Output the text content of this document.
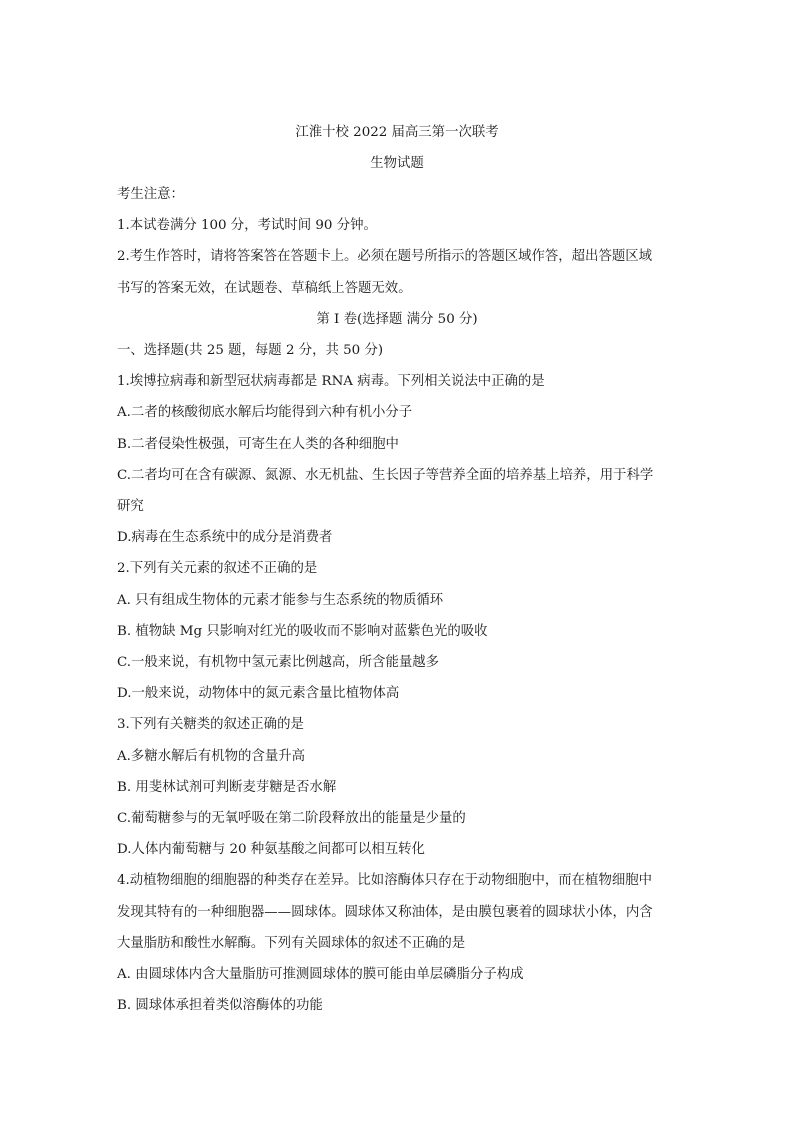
江淮十校 2022 届高三第一次联考
生物试题
考生注意：
1.本试卷满分 100 分，考试时间 90 分钟。
2.考生作答时，请将答案答在答题卡上。必须在题号所指示的答题区域作答，超出答题区域
书写的答案无效，在试题卷、草稿纸上答题无效。
第 I 卷(选择题 满分 50 分)
一、选择题(共 25 题，每题 2 分，共 50 分)
1.埃博拉病毒和新型冠状病毒都是 RNA 病毒。下列相关说法中正确的是
A.二者的核酸彻底水解后均能得到六种有机小分子
B.二者侵染性极强，可寄生在人类的各种细胞中
C.二者均可在含有碳源、氮源、水无机盐、生长因子等营养全面的培养基上培养，用于科学
研究
D.病毒在生态系统中的成分是消费者
2.下列有关元素的叙述不正确的是
A. 只有组成生物体的元素才能参与生态系统的物质循环
B. 植物缺 Mg 只影响对红光的吸收而不影响对蓝紫色光的吸收
C.一般来说，有机物中氢元素比例越高，所含能量越多
D.一般来说，动物体中的氮元素含量比植物体高
3.下列有关糖类的叙述正确的是
A.多糖水解后有机物的含量升高
B. 用斐林试剂可判断麦芽糖是否水解
C.葡萄糖参与的无氧呼吸在第二阶段释放出的能量是少量的
D.人体内葡萄糖与 20 种氨基酸之间都可以相互转化
4.动植物细胞的细胞器的种类存在差异。比如溶酶体只存在于动物细胞中，而在植物细胞中
发现其特有的一种细胞器——圆球体。圆球体又称油体，是由膜包裹着的圆球状小体，内含
大量脂肪和酸性水解酶。下列有关圆球体的叙述不正确的是
A. 由圆球体内含大量脂肪可推测圆球体的膜可能由单层磷脂分子构成
B. 圆球体承担着类似溶酶体的功能
